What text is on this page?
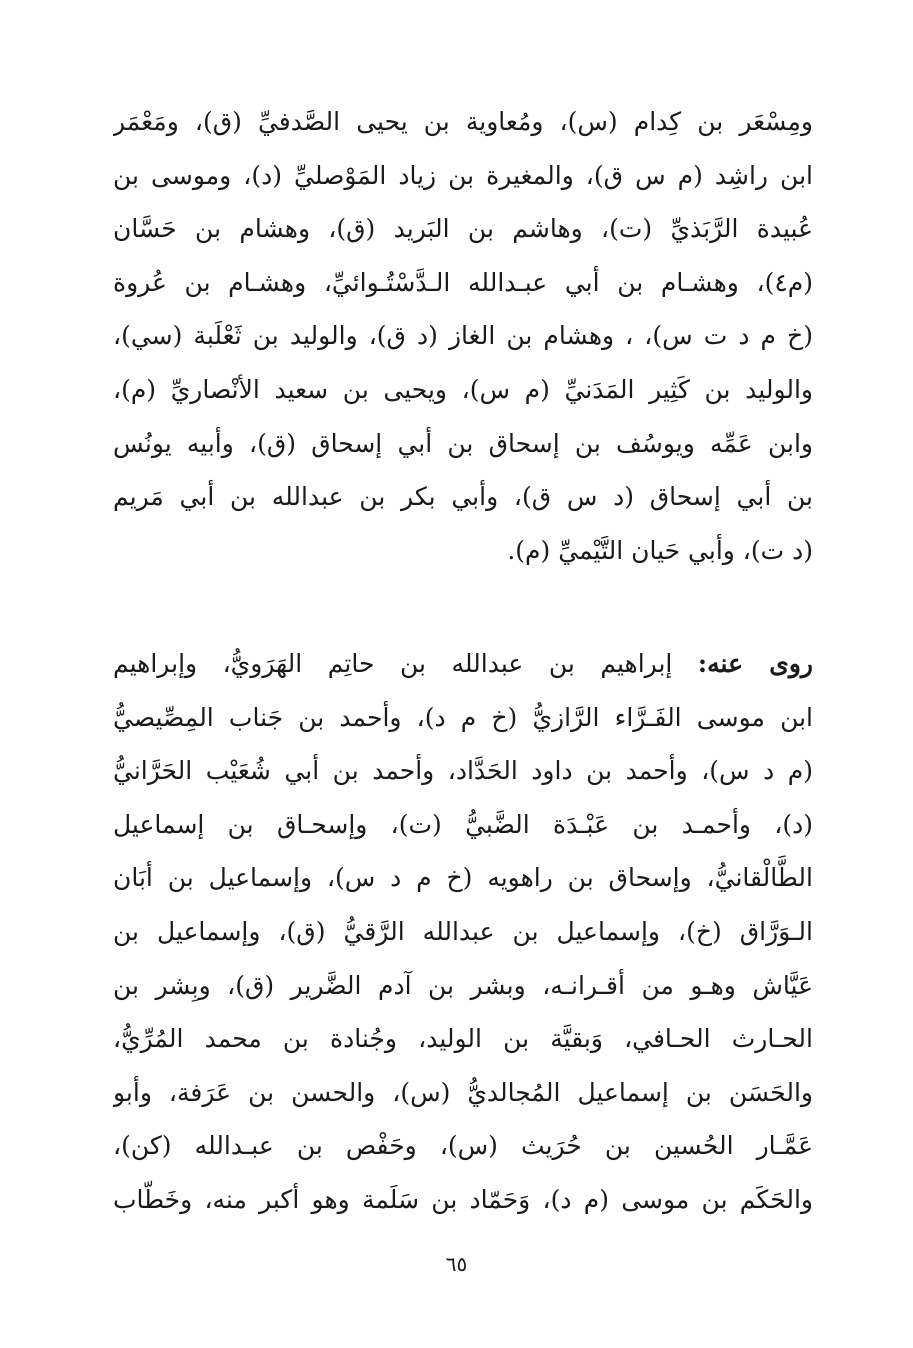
ومِسْعَر بن كِدام (س)، ومُعاوية بن يحيى الصَّدفيِّ (ق)، ومَعْمَر
ابن راشِد (م س ق)، والمغيرة بن زياد المَوْصليِّ (د)، وموسى بن
عُبيدة الرَّبَذيِّ (ت)، وهاشم بن البَريد (ق)، وهشام بن حَسَّان
(م٤)، وهشـام بن أبي عبـدالله الـدَّسْتُـوائيِّ، وهشـام بن عُروة
(خ م د ت س)، ، وهشام بن الغاز (د ق)، والوليد بن ثَعْلَبة (سي)،
والوليد بن كَثِير المَدَنيِّ (م س)، ويحيى بن سعيد الأنْصاريِّ (م)،
وابن عَمِّه ويوسُف بن إسحاق بن أبي إسحاق (ق)، وأبيه يونُس
بن أبي إسحاق (د س ق)، وأبي بكر بن عبدالله بن أبي مَريم
(د ت)، وأبي حَيان التَّيْميِّ (م).
روى عنه: إبراهيم بن عبدالله بن حاتِم الهَرَويُّ، وإبراهيم
ابن موسى الفَـرَّاء الرَّازيُّ (خ م د)، وأحمد بن جَناب المِصِّيصيُّ
(م د س)، وأحمد بن داود الحَدَّاد، وأحمد بن أبي شُعَيْب الحَرَّانيُّ
(د)، وأحمـد بن عَبْـدَة الضَّبيُّ (ت)، وإسحـاق بن إسماعيل
الطَّالْقانيُّ، وإسحاق بن راهويه (خ م د س)، وإسماعيل بن أبَان
الـوَرَّاق (خ)، وإسماعيل بن عبدالله الرَّقيُّ (ق)، وإسماعيل بن
عَيَّاش وهـو من أقـرانـه، وبشر بن آدم الضَّرير (ق)، وبِشر بن
الحـارث الحـافي، وَبقيَّة بن الوليد، وجُنادة بن محمد المُرِّيُّ،
والحَسَن بن إسماعيل المُجالديُّ (س)، والحسن بن عَرَفة، وأبو
عَمَّـار الحُسين بن حُرَيث (س)، وحَفْص بن عبـدالله (كن)،
والحَكَم بن موسى (م د)، وَحَمّاد بن سَلَمة وهو أكبر منه، وخَطّاب
٦٥
